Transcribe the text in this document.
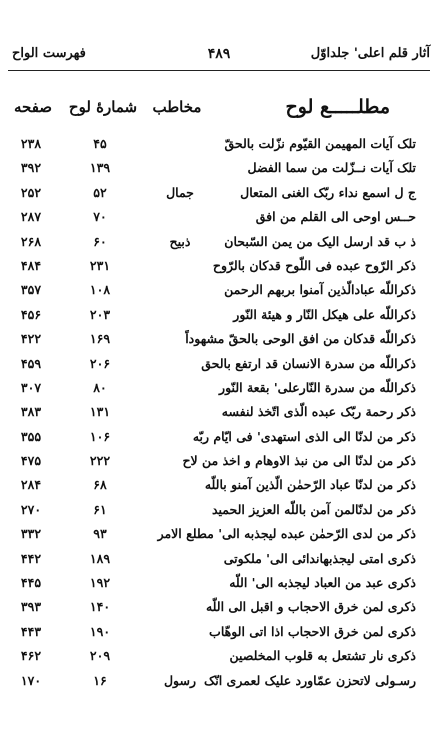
آثار قلم اعلی' جلداوّل
۴۸۹
فهرست الواح
مطلـــــع لوح
مخاطب
شمارهٔ لوح
صفحه
تلک آیات المهیمن القیّوم نزّلت بالحقّ
۴۵
۲۳۸
تلک آیات نــزّلت من سما الفضل
۱۳۹
۳۹۲
ج ل اسمع نداء ربّک الغنی المتعال
جمال
۵۲
۲۵۲
حــس اوحی الی القلم من افق
۷۰
۲۸۷
ذ ب قد ارسل الیک من یمن السّبحان
ذبیح
۶۰
۲۶۸
ذکر الرّوح عبده فی اللّوح قدکان بالرّوح
۲۳۱
۴۸۴
ذکراللّه عبادالّذین آمنوا بربهم الرحمن
۱۰۸
۳۵۷
ذکراللّه علی هیکل النّار و هیئة النّور
۲۰۳
۴۵۶
ذکراللّه قدکان من افق الوحی بالحقّ مشهوداً
۱۶۹
۴۲۲
ذکراللّه من سدرة الانسان قد ارتفع بالحق
۲۰۶
۴۵۹
ذکراللّه من سدرة النّارعلی' بقعة النّور
۸۰
۳۰۷
ذکر رحمة ربّک عبده الّذی اتّخذ لنفسه
۱۳۱
۳۸۳
ذکر من لدنّا الی الذی استهدی' فی ایّام ربّه
۱۰۶
۳۵۵
ذکر من لدنّا الی من نبذ الاوهام و اخذ من لاح
۲۲۲
۴۷۵
ذکر من لدنّا عباد الرّحمٰن الّذین آمنو باللّه
۶۸
۲۸۴
ذکر من لدنّالمن آمن باللّه العزیز الحمید
۶۱
۲۷۰
ذکر من لدی الرّحمٰن عبده لیجذبه الی' مطلع الامر
۹۳
۳۳۲
ذکری امتی لیجذبهاندائی الی' ملکوتی
۱۸۹
۴۴۲
ذکری عبد من العباد لیجذبه الی' اللّه
۱۹۲
۴۴۵
ذکری لمن خرق الاحجاب و اقبل الی اللّه
۱۴۰
۳۹۳
ذکری لمن خرق الاحجاب اذا اتی الوهّاب
۱۹۰
۴۴۳
ذکری نار تشتعل به قلوب المخلصین
۲۰۹
۴۶۲
رسـولی لاتحزن عمّاورد علیک لعمری انّک
رسول
۱۶
۱۷۰
